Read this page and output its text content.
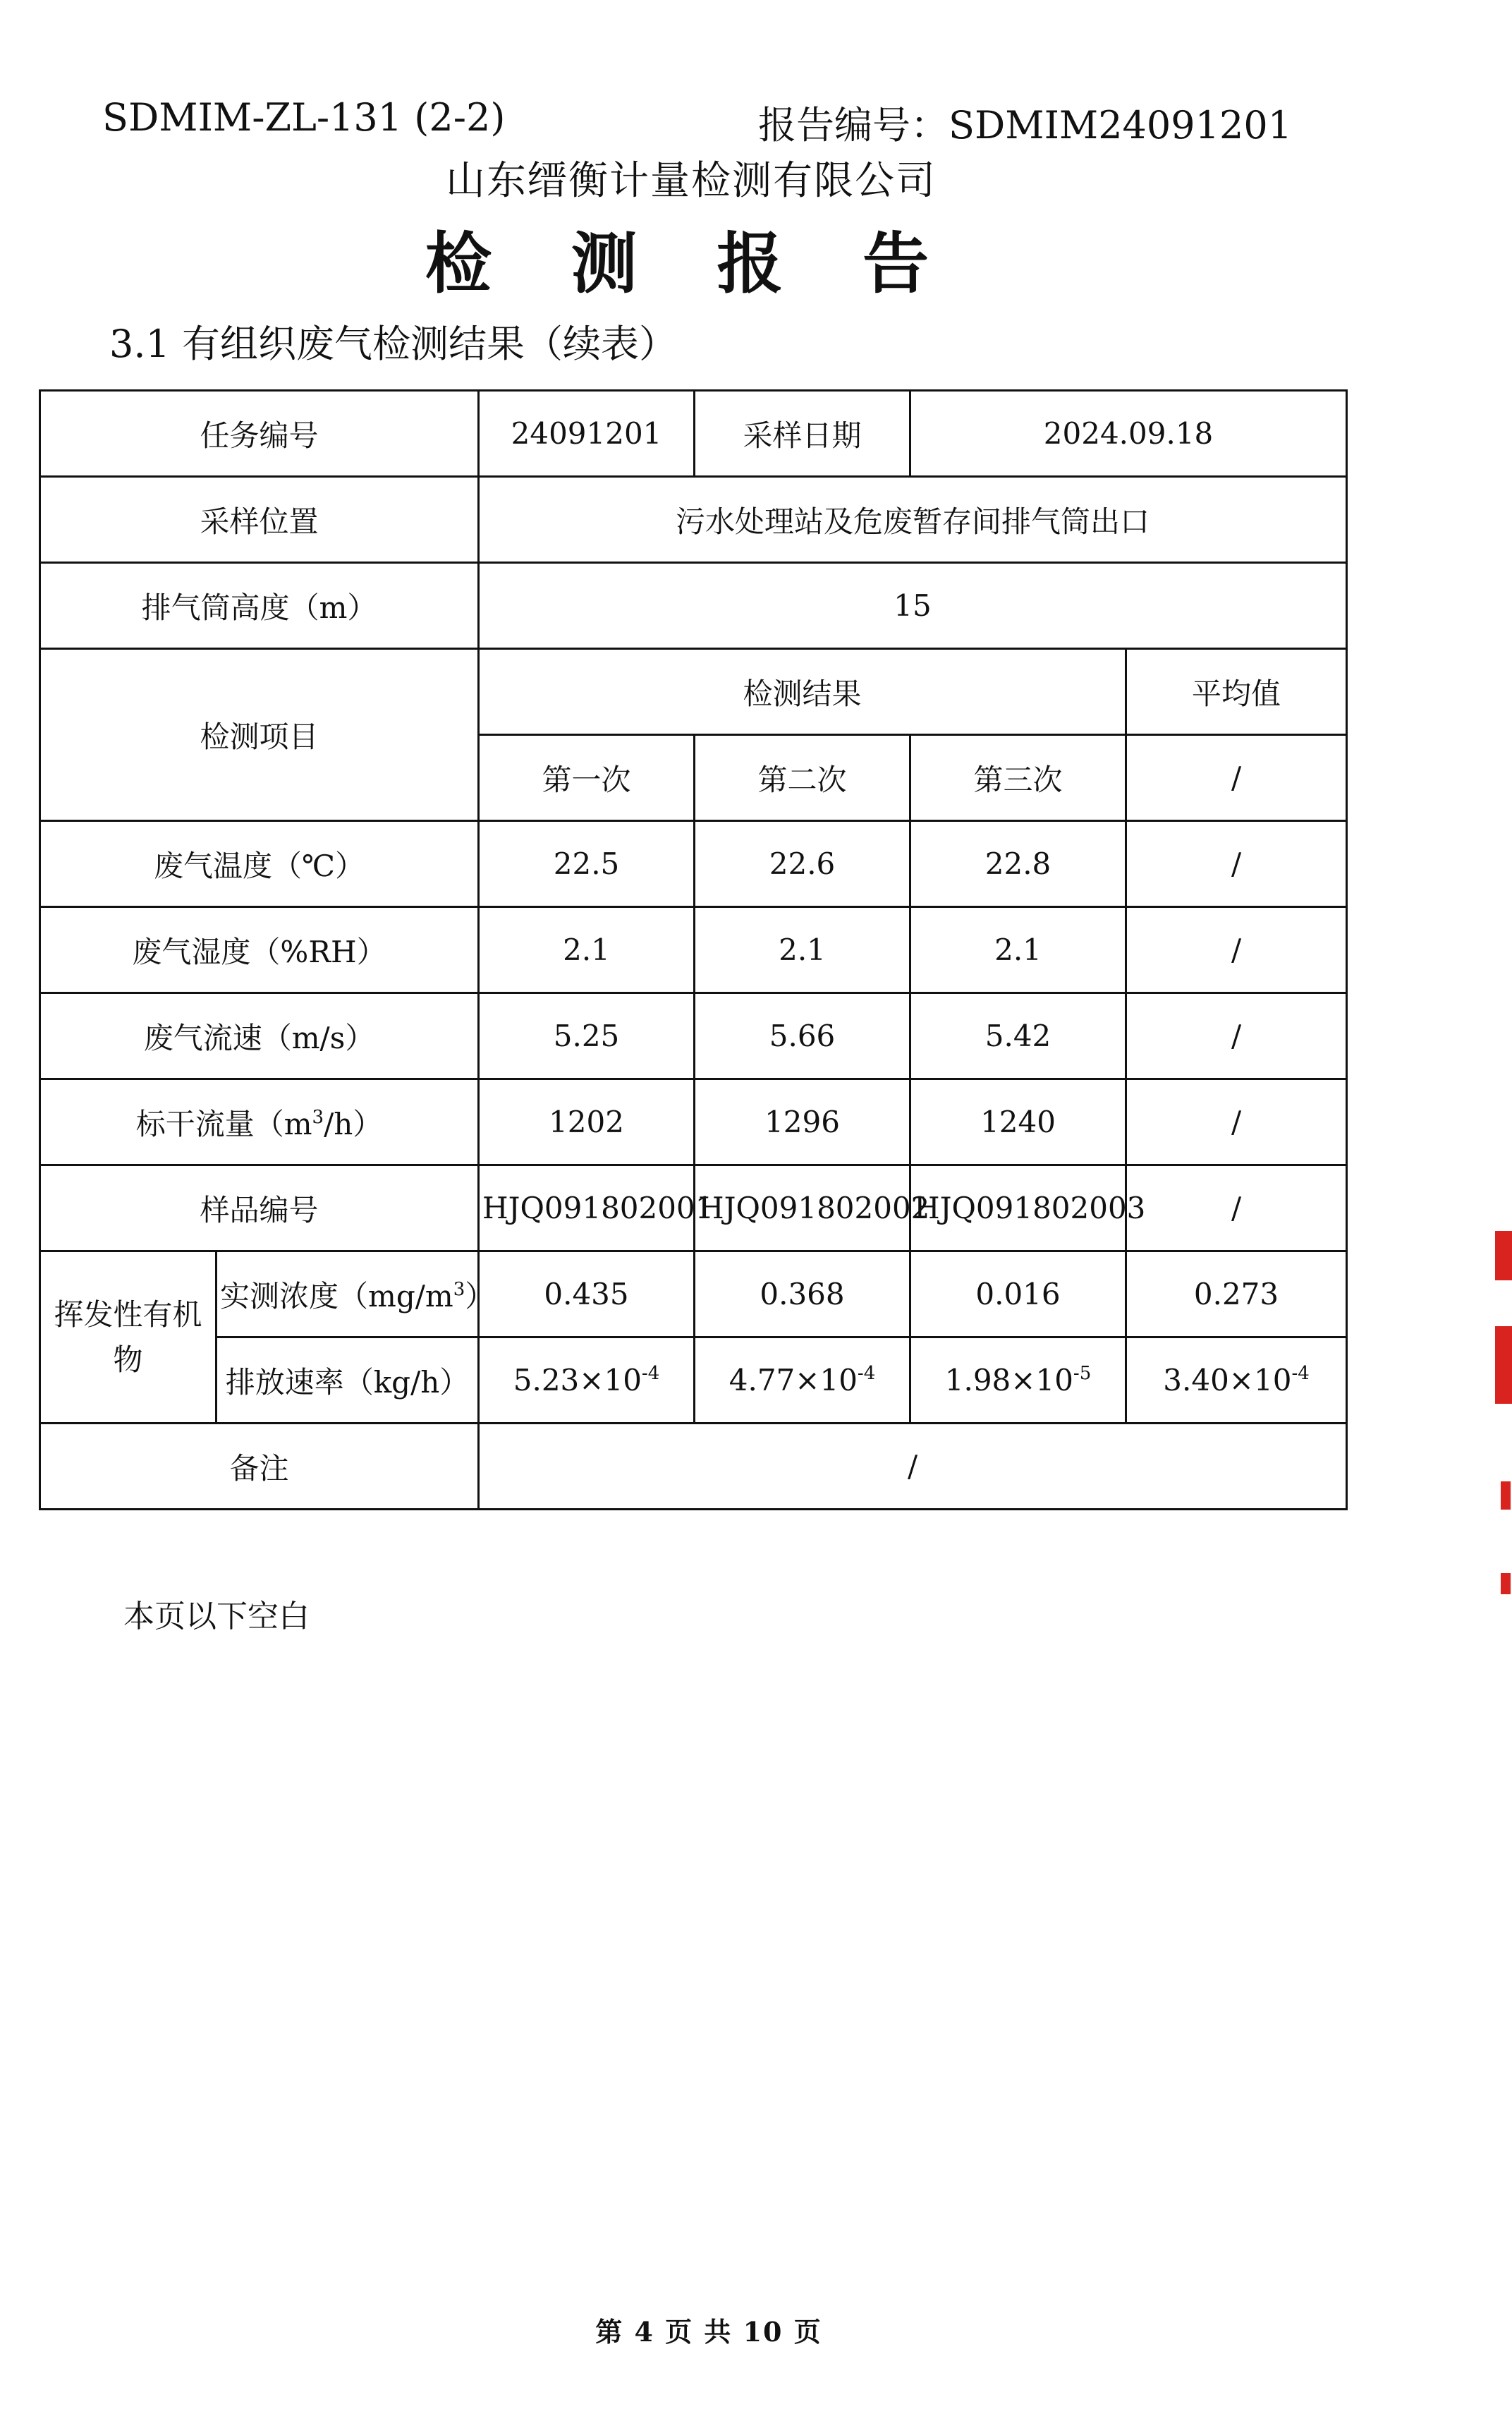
SDMIM-ZL-131 (2-2)	报告编号：SDMIM24091201
山东缙衡计量检测有限公司
检 测 报 告
3.1 有组织废气检测结果（续表）
任务编号		24091201	采样日期	2024.09.18	
采样位置		污水处理站及危废暂存间排气筒出口			
排气筒高度（m）		15			
检测项目		检测结果			平均值
		第一次	第二次	第三次	/
废气温度（℃）		22.5	22.6	22.8	/
废气湿度（%RH）		2.1	2.1	2.1	/
废气流速（m/s）		5.25	5.66	5.42	/
标干流量$(m^3/h)$		1202	1296	1240	/
样品编号		HJQ091802001	HJQ091802002	HJQ091802003	/
挥发性有机物	实测浓度$(mg/m^3)$	0.435	0.368	0.016	0.273
	排放速率（kg/h）	$5.23\times 10^{-4}$	$4.77\times 10^{-4}$	$1.98\times 10^{-5}$	$3.40\times 10^{-4}$
备注		/			
本页以下空白
第 4 页 共 10 页
